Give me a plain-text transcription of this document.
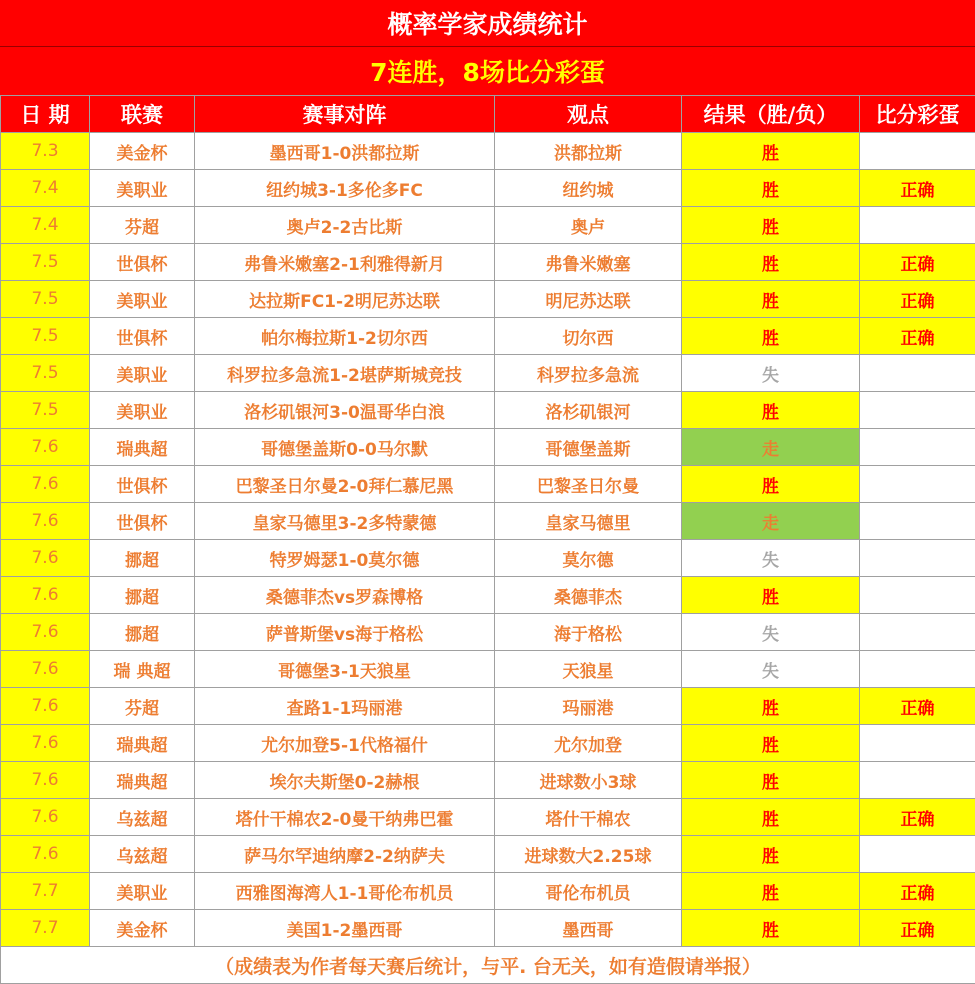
概率学家成绩统计
7连胜，8场比分彩蛋
日 期	联赛	赛事对阵	观点	结果（胜/负）	比分彩蛋
7.3	美金杯	墨西哥1-0洪都拉斯	洪都拉斯	胜	
7.4	美职业	纽约城3-1多伦多FC	纽约城	胜	正确
7.4	芬超	奥卢2-2古比斯	奥卢	胜	
7.5	世俱杯	弗鲁米嫩塞2-1利雅得新月	弗鲁米嫩塞	胜	正确
7.5	美职业	达拉斯FC1-2明尼苏达联	明尼苏达联	胜	正确
7.5	世俱杯	帕尔梅拉斯1-2切尔西	切尔西	胜	正确
7.5	美职业	科罗拉多急流1-2堪萨斯城竞技	科罗拉多急流	失	
7.5	美职业	洛杉矶银河3-0温哥华白浪	洛杉矶银河	胜	
7.6	瑞典超	哥德堡盖斯0-0马尔默	哥德堡盖斯	走	
7.6	世俱杯	巴黎圣日尔曼2-0拜仁慕尼黑	巴黎圣日尔曼	胜	
7.6	世俱杯	皇家马德里3-2多特蒙德	皇家马德里	走	
7.6	挪超	特罗姆瑟1-0莫尔德	莫尔德	失	
7.6	挪超	桑德菲杰vs罗森博格	桑德菲杰	胜	
7.6	挪超	萨普斯堡vs海于格松	海于格松	失	
7.6	瑞 典超	哥德堡3-1天狼星	天狼星	失	
7.6	芬超	查路1-1玛丽港	玛丽港	胜	正确
7.6	瑞典超	尤尔加登5-1代格福什	尤尔加登	胜	
7.6	瑞典超	埃尔夫斯堡0-2赫根	进球数小3球	胜	
7.6	乌兹超	塔什干棉农2-0曼干纳弗巴霍	塔什干棉农	胜	正确
7.6	乌兹超	萨马尔罕迪纳摩2-2纳萨夫	进球数大2.25球	胜	
7.7	美职业	西雅图海湾人1-1哥伦布机员	哥伦布机员	胜	正确
7.7	美金杯	美国1-2墨西哥	墨西哥	胜	正确
（成绩表为作者每天赛后统计，与平. 台无关，如有造假请举报）					
